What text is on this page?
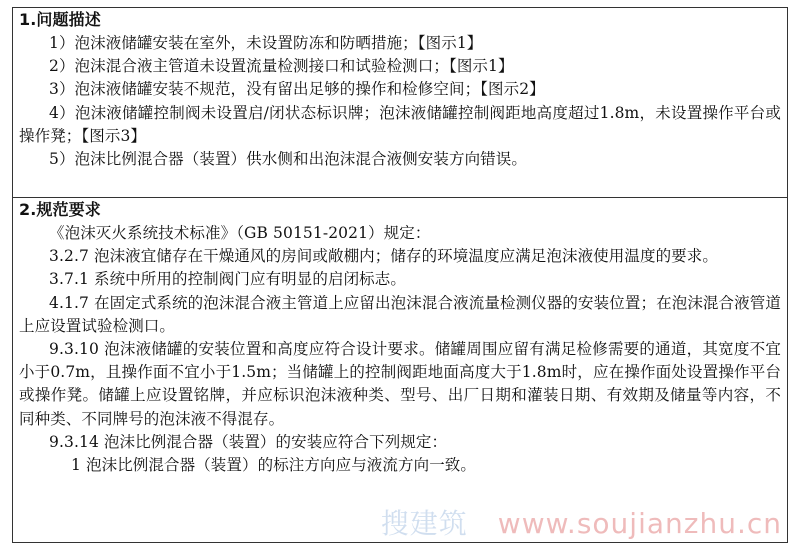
1.问题描述

1）泡沫液储罐安装在室外，未设置防冻和防晒措施；【图示1】

2）泡沫混合液主管道未设置流量检测接口和试验检测口；【图示1】

3）泡沫液储罐安装不规范，没有留出足够的操作和检修空间；【图示2】

4）泡沫液储罐控制阀未设置启/闭状态标识牌；泡沫液储罐控制阀距地高度超过1.8m，未设置操作平台或操作凳；【图示3】

5）泡沫比例混合器（装置）供水侧和出泡沫混合液侧安装方向错误。

2.规范要求

《泡沫灭火系统技术标准》（GB 50151-2021）规定：

3.2.7 泡沫液宜储存在干燥通风的房间或敞棚内；储存的环境温度应满足泡沫液使用温度的要求。

3.7.1 系统中所用的控制阀门应有明显的启闭标志。

4.1.7 在固定式系统的泡沫混合液主管道上应留出泡沫混合液流量检测仪器的安装位置；在泡沫混合液管道上应设置试验检测口。

9.3.10 泡沫液储罐的安装位置和高度应符合设计要求。储罐周围应留有满足检修需要的通道，其宽度不宜小于0.7m，且操作面不宜小于1.5m；当储罐上的控制阀距地面高度大于1.8m时，应在操作面处设置操作平台或操作凳。储罐上应设置铭牌，并应标识泡沫液种类、型号、出厂日期和灌装日期、有效期及储量等内容，不同种类、不同牌号的泡沫液不得混存。

9.3.14 泡沫比例混合器（装置）的安装应符合下列规定：

1 泡沫比例混合器（装置）的标注方向应与液流方向一致。

搜建筑 www.soujianzhu.cn
